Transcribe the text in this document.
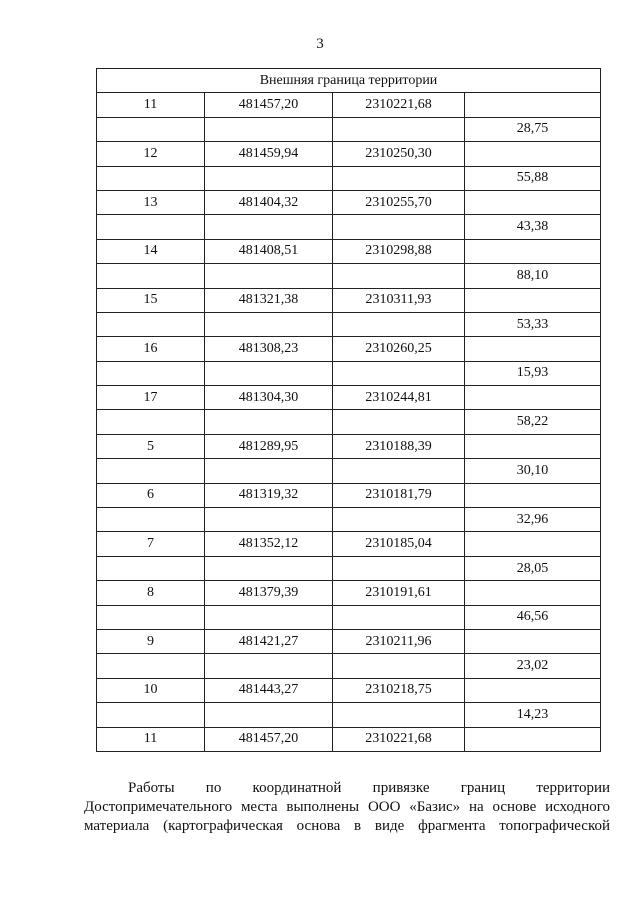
3
Внешняя граница территории			
11	481457,20	2310221,68	
			28,75
12	481459,94	2310250,30	
			55,88
13	481404,32	2310255,70	
			43,38
14	481408,51	2310298,88	
			88,10
15	481321,38	2310311,93	
			53,33
16	481308,23	2310260,25	
			15,93
17	481304,30	2310244,81	
			58,22
5	481289,95	2310188,39	
			30,10
6	481319,32	2310181,79	
			32,96
7	481352,12	2310185,04	
			28,05
8	481379,39	2310191,61	
			46,56
9	481421,27	2310211,96	
			23,02
10	481443,27	2310218,75	
			14,23
11	481457,20	2310221,68	
Работы по координатной привязке границ территории
Достопримечательного места выполнены ООО «Базис» на основе исходного
материала (картографическая основа в виде фрагмента топографической
